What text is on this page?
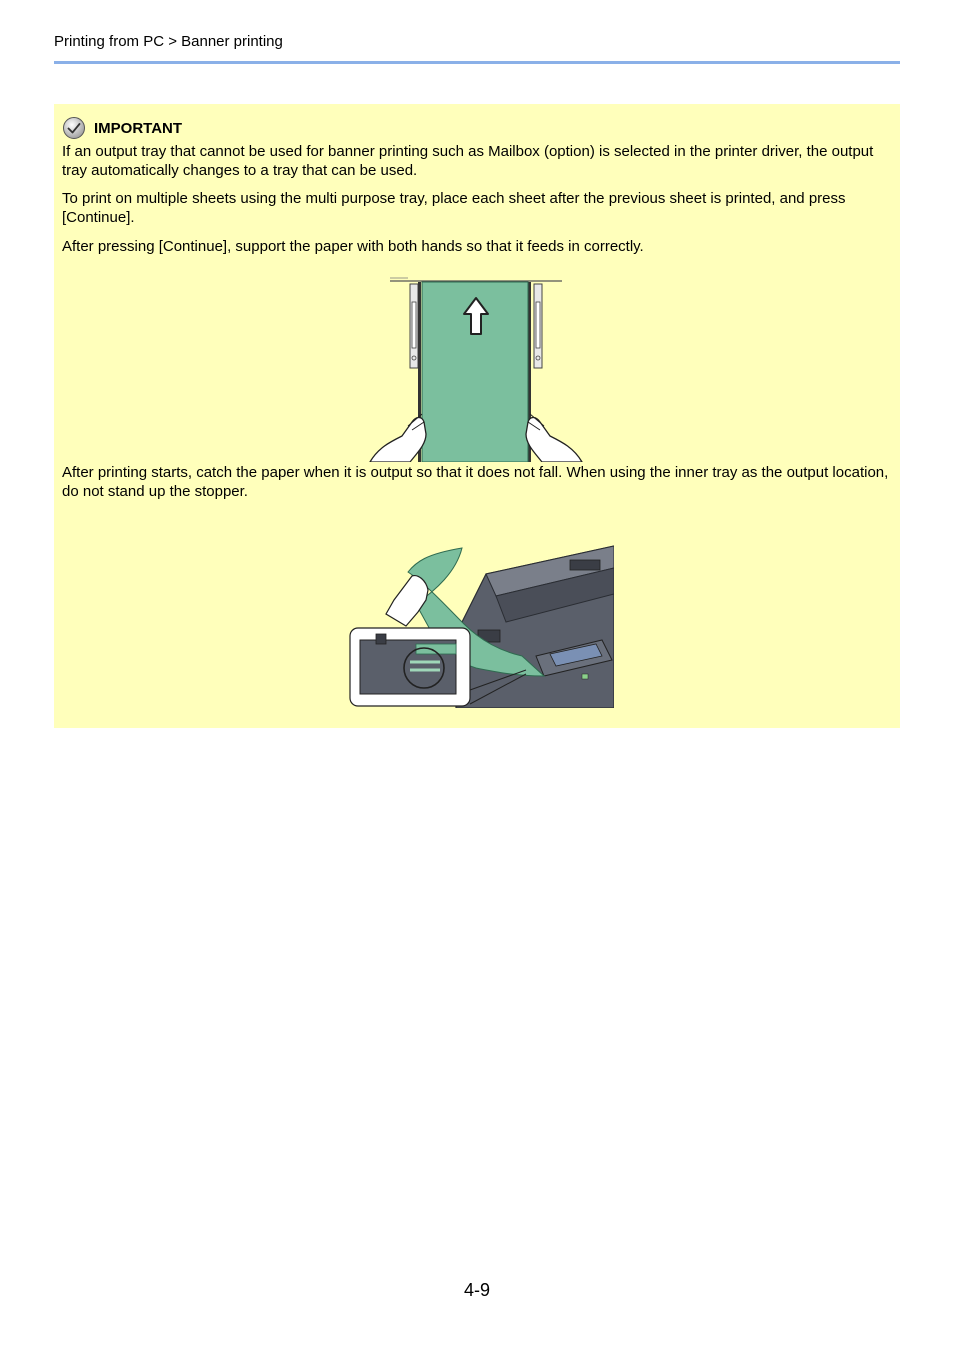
Printing from PC > Banner printing
IMPORTANT
If an output tray that cannot be used for banner printing such as Mailbox (option) is selected in the printer driver, the output tray automatically changes to a tray that can be used.
To print on multiple sheets using the multi purpose tray, place each sheet after the previous sheet is printed, and press [Continue].
After pressing [Continue], support the paper with both hands so that it feeds in correctly.
After printing starts, catch the paper when it is output so that it does not fall. When using the inner tray as the output location, do not stand up the stopper.
4-9
